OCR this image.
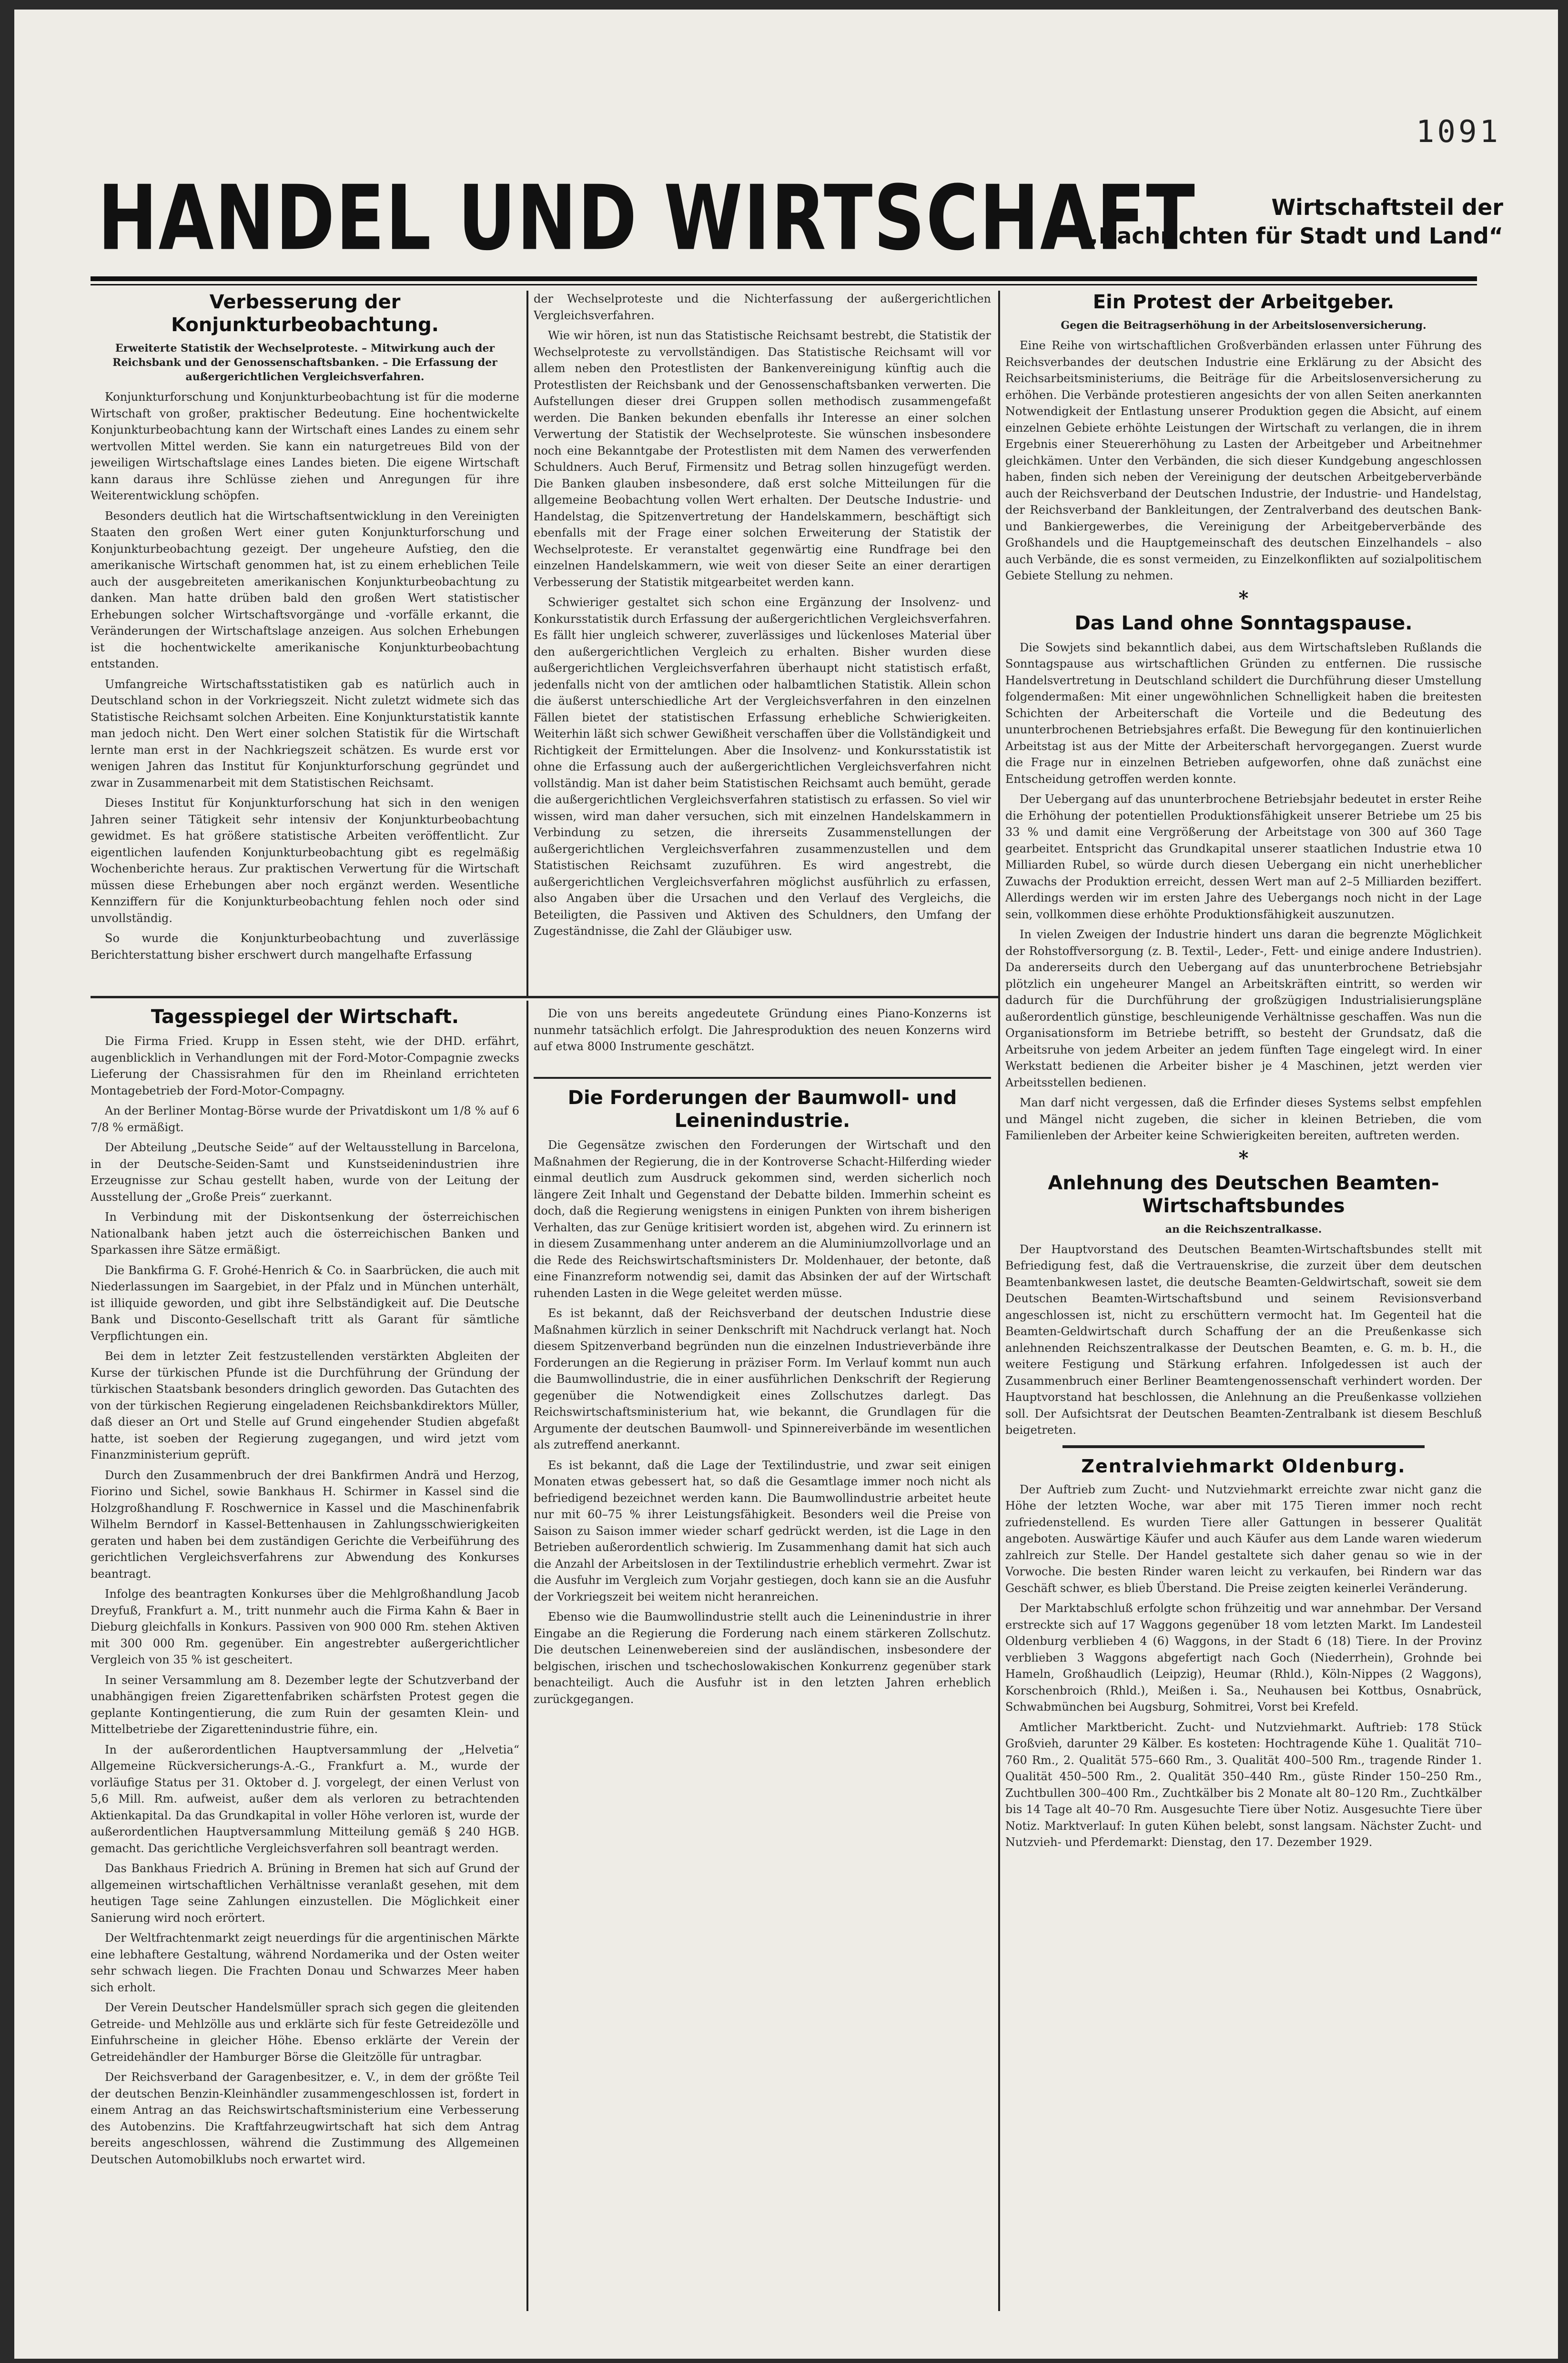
1091
HANDEL UND WIRTSCHAFT	Wirtschaftsteil der
„Nachrichten für Stadt und Land“
Verbesserung der Konjunkturbeobachtung.
Erweiterte Statistik der Wechselproteste. – Mitwirkung auch der Reichsbank und der Genossenschaftsbanken. – Die Erfassung der außergerichtlichen Vergleichsverfahren.

Konjunkturforschung und Konjunkturbeobachtung ist für die moderne Wirtschaft von großer, praktischer Bedeutung. Eine hochentwickelte Konjunkturbeobachtung kann der Wirtschaft eines Landes zu einem sehr wertvollen Mittel werden. Sie kann ein naturgetreues Bild von der jeweiligen Wirtschaftslage eines Landes bieten. Die eigene Wirtschaft kann daraus ihre Schlüsse ziehen und Anregungen für ihre Weiterentwicklung schöpfen.

Besonders deutlich hat die Wirtschaftsentwicklung in den Vereinigten Staaten den großen Wert einer guten Konjunkturforschung und Konjunkturbeobachtung gezeigt. Der ungeheure Aufstieg, den die amerikanische Wirtschaft genommen hat, ist zu einem erheblichen Teile auch der ausgebreiteten amerikanischen Konjunkturbeobachtung zu danken. Man hatte drüben bald den großen Wert statistischer Erhebungen solcher Wirtschaftsvorgänge und -vorfälle erkannt, die Veränderungen der Wirtschaftslage anzeigen. Aus solchen Erhebungen ist die hochentwickelte amerikanische Konjunkturbeobachtung entstanden.

Umfangreiche Wirtschaftsstatistiken gab es natürlich auch in Deutschland schon in der Vorkriegszeit. Nicht zuletzt widmete sich das Statistische Reichsamt solchen Arbeiten. Eine Konjunkturstatistik kannte man jedoch nicht. Den Wert einer solchen Statistik für die Wirtschaft lernte man erst in der Nachkriegszeit schätzen. Es wurde erst vor wenigen Jahren das Institut für Konjunkturforschung gegründet und zwar in Zusammenarbeit mit dem Statistischen Reichsamt.

Dieses Institut für Konjunkturforschung hat sich in den wenigen Jahren seiner Tätigkeit sehr intensiv der Konjunkturbeobachtung gewidmet. Es hat größere statistische Arbeiten veröffentlicht. Zur eigentlichen laufenden Konjunkturbeobachtung gibt es regelmäßig Wochenberichte heraus. Zur praktischen Verwertung für die Wirtschaft müssen diese Erhebungen aber noch ergänzt werden. Wesentliche Kennziffern für die Konjunkturbeobachtung fehlen noch oder sind unvollständig.

So wurde die Konjunkturbeobachtung und zuverlässige Berichterstattung bisher erschwert durch mangelhafte Erfassung

der Wechselproteste und die Nichterfassung der außergerichtlichen Vergleichsverfahren.

Wie wir hören, ist nun das Statistische Reichsamt bestrebt, die Statistik der Wechselproteste zu vervollständigen. Das Statistische Reichsamt will vor allem neben den Protestlisten der Bankenvereinigung künftig auch die Protestlisten der Reichsbank und der Genossenschaftsbanken verwerten. Die Aufstellungen dieser drei Gruppen sollen methodisch zusammengefaßt werden. Die Banken bekunden ebenfalls ihr Interesse an einer solchen Verwertung der Statistik der Wechselproteste. Sie wünschen insbesondere noch eine Bekanntgabe der Protestlisten mit dem Namen des verwerfenden Schuldners. Auch Beruf, Firmensitz und Betrag sollen hinzugefügt werden. Die Banken glauben insbesondere, daß erst solche Mitteilungen für die allgemeine Beobachtung vollen Wert erhalten. Der Deutsche Industrie- und Handelstag, die Spitzenvertretung der Handelskammern, beschäftigt sich ebenfalls mit der Frage einer solchen Erweiterung der Statistik der Wechselproteste. Er veranstaltet gegenwärtig eine Rundfrage bei den einzelnen Handelskammern, wie weit von dieser Seite an einer derartigen Verbesserung der Statistik mitgearbeitet werden kann.

Schwieriger gestaltet sich schon eine Ergänzung der Insolvenz- und Konkursstatistik durch Erfassung der außergerichtlichen Vergleichsverfahren. Es fällt hier ungleich schwerer, zuverlässiges und lückenloses Material über den außergerichtlichen Vergleich zu erhalten. Bisher wurden diese außergerichtlichen Vergleichsverfahren überhaupt nicht statistisch erfaßt, jedenfalls nicht von der amtlichen oder halbamtlichen Statistik. Allein schon die äußerst unterschiedliche Art der Vergleichsverfahren in den einzelnen Fällen bietet der statistischen Erfassung erhebliche Schwierigkeiten. Weiterhin läßt sich schwer Gewißheit verschaffen über die Vollständigkeit und Richtigkeit der Ermittelungen. Aber die Insolvenz- und Konkursstatistik ist ohne die Erfassung auch der außergerichtlichen Vergleichsverfahren nicht vollständig. Man ist daher beim Statistischen Reichsamt auch bemüht, gerade die außergerichtlichen Vergleichsverfahren statistisch zu erfassen. So viel wir wissen, wird man daher versuchen, sich mit einzelnen Handelskammern in Verbindung zu setzen, die ihrerseits Zusammenstellungen der außergerichtlichen Vergleichsverfahren zusammenzustellen und dem Statistischen Reichsamt zuzuführen. Es wird angestrebt, die außergerichtlichen Vergleichsverfahren möglichst ausführlich zu erfassen, also Angaben über die Ursachen und den Verlauf des Vergleichs, die Beteiligten, die Passiven und Aktiven des Schuldners, den Umfang der Zugeständnisse, die Zahl der Gläubiger usw.

Tagesspiegel der Wirtschaft.

Die Firma Fried. Krupp in Essen steht, wie der DHD. erfährt, augenblicklich in Verhandlungen mit der Ford-Motor-Compagnie zwecks Lieferung der Chassisrahmen für den im Rheinland errichteten Montagebetrieb der Ford-Motor-Compagny.

An der Berliner Montag-Börse wurde der Privatdiskont um 1/8 % auf 6 7/8 % ermäßigt.

Der Abteilung „Deutsche Seide“ auf der Weltausstellung in Barcelona, in der Deutsche-Seiden-Samt und Kunstseidenindustrien ihre Erzeugnisse zur Schau gestellt haben, wurde von der Leitung der Ausstellung der „Große Preis“ zuerkannt.

In Verbindung mit der Diskontsenkung der österreichischen Nationalbank haben jetzt auch die österreichischen Banken und Sparkassen ihre Sätze ermäßigt.

Die Bankfirma G. F. Grohé-Henrich & Co. in Saarbrücken, die auch mit Niederlassungen im Saargebiet, in der Pfalz und in München unterhält, ist illiquide geworden, und gibt ihre Selbständigkeit auf. Die Deutsche Bank und Disconto-Gesellschaft tritt als Garant für sämtliche Verpflichtungen ein.

Bei dem in letzter Zeit festzustellenden verstärkten Abgleiten der Kurse der türkischen Pfunde ist die Durchführung der Gründung der türkischen Staatsbank besonders dringlich geworden. Das Gutachten des von der türkischen Regierung eingeladenen Reichsbankdirektors Müller, daß dieser an Ort und Stelle auf Grund eingehender Studien abgefaßt hatte, ist soeben der Regierung zugegangen, und wird jetzt vom Finanzministerium geprüft.

Durch den Zusammenbruch der drei Bankfirmen Andrä und Herzog, Fiorino und Sichel, sowie Bankhaus H. Schirmer in Kassel sind die Holzgroßhandlung F. Roschwernice in Kassel und die Maschinenfabrik Wilhelm Berndorf in Kassel-Bettenhausen in Zahlungsschwierigkeiten geraten und haben bei dem zuständigen Gerichte die Verbeiführung des gerichtlichen Vergleichsverfahrens zur Abwendung des Konkurses beantragt.

Infolge des beantragten Konkurses über die Mehlgroßhandlung Jacob Dreyfuß, Frankfurt a. M., tritt nunmehr auch die Firma Kahn & Baer in Dieburg gleichfalls in Konkurs. Passiven von 900 000 Rm. stehen Aktiven mit 300 000 Rm. gegenüber. Ein angestrebter außergerichtlicher Vergleich von 35 % ist gescheitert.

In seiner Versammlung am 8. Dezember legte der Schutzverband der unabhängigen freien Zigarettenfabriken schärfsten Protest gegen die geplante Kontingentierung, die zum Ruin der gesamten Klein- und Mittelbetriebe der Zigarettenindustrie führe, ein.

In der außerordentlichen Hauptversammlung der „Helvetia“ Allgemeine Rückversicherungs-A.-G., Frankfurt a. M., wurde der vorläufige Status per 31. Oktober d. J. vorgelegt, der einen Verlust von 5,6 Mill. Rm. aufweist, außer dem als verloren zu betrachtenden Aktienkapital. Da das Grundkapital in voller Höhe verloren ist, wurde der außerordentlichen Hauptversammlung Mitteilung gemäß § 240 HGB. gemacht. Das gerichtliche Vergleichsverfahren soll beantragt werden.

Das Bankhaus Friedrich A. Brüning in Bremen hat sich auf Grund der allgemeinen wirtschaftlichen Verhältnisse veranlaßt gesehen, mit dem heutigen Tage seine Zahlungen einzustellen. Die Möglichkeit einer Sanierung wird noch erörtert.

Der Weltfrachtenmarkt zeigt neuerdings für die argentinischen Märkte eine lebhaftere Gestaltung, während Nordamerika und der Osten weiter sehr schwach liegen. Die Frachten Donau und Schwarzes Meer haben sich erholt.

Der Verein Deutscher Handelsmüller sprach sich gegen die gleitenden Getreide- und Mehlzölle aus und erklärte sich für feste Getreidezölle und Einfuhrscheine in gleicher Höhe. Ebenso erklärte der Verein der Getreidehändler der Hamburger Börse die Gleitzölle für untragbar.

Der Reichsverband der Garagenbesitzer, e. V., in dem der größte Teil der deutschen Benzin-Kleinhändler zusammengeschlossen ist, fordert in einem Antrag an das Reichswirtschaftsministerium eine Verbesserung des Autobenzins. Die Kraftfahrzeugwirtschaft hat sich dem Antrag bereits angeschlossen, während die Zustimmung des Allgemeinen Deutschen Automobilklubs noch erwartet wird.

Die von uns bereits angedeutete Gründung eines Piano-Konzerns ist nunmehr tatsächlich erfolgt. Die Jahresproduktion des neuen Konzerns wird auf etwa 8000 Instrumente geschätzt.

Die Forderungen der Baumwoll- und Leinenindustrie.

Die Gegensätze zwischen den Forderungen der Wirtschaft und den Maßnahmen der Regierung, die in der Kontroverse Schacht-Hilferding wieder einmal deutlich zum Ausdruck gekommen sind, werden sicherlich noch längere Zeit Inhalt und Gegenstand der Debatte bilden. Immerhin scheint es doch, daß die Regierung wenigstens in einigen Punkten von ihrem bisherigen Verhalten, das zur Genüge kritisiert worden ist, abgehen wird. Zu erinnern ist in diesem Zusammenhang unter anderem an die Aluminiumzollvorlage und an die Rede des Reichswirtschaftsministers Dr. Moldenhauer, der betonte, daß eine Finanzreform notwendig sei, damit das Absinken der auf der Wirtschaft ruhenden Lasten in die Wege geleitet werden müsse.

Es ist bekannt, daß der Reichsverband der deutschen Industrie diese Maßnahmen kürzlich in seiner Denkschrift mit Nachdruck verlangt hat. Noch diesem Spitzenverband begründen nun die einzelnen Industrieverbände ihre Forderungen an die Regierung in präziser Form. Im Verlauf kommt nun auch die Baumwollindustrie, die in einer ausführlichen Denkschrift der Regierung gegenüber die Notwendigkeit eines Zollschutzes darlegt. Das Reichswirtschaftsministerium hat, wie bekannt, die Grundlagen für die Argumente der deutschen Baumwoll- und Spinnereiverbände im wesentlichen als zutreffend anerkannt.

Es ist bekannt, daß die Lage der Textilindustrie, und zwar seit einigen Monaten etwas gebessert hat, so daß die Gesamtlage immer noch nicht als befriedigend bezeichnet werden kann. Die Baumwollindustrie arbeitet heute nur mit 60–75 % ihrer Leistungsfähigkeit. Besonders weil die Preise von Saison zu Saison immer wieder scharf gedrückt werden, ist die Lage in den Betrieben außerordentlich schwierig. Im Zusammenhang damit hat sich auch die Anzahl der Arbeitslosen in der Textilindustrie erheblich vermehrt. Zwar ist die Ausfuhr im Vergleich zum Vorjahr gestiegen, doch kann sie an die Ausfuhr der Vorkriegszeit bei weitem nicht heranreichen.

Ebenso wie die Baumwollindustrie stellt auch die Leinenindustrie in ihrer Eingabe an die Regierung die Forderung nach einem stärkeren Zollschutz. Die deutschen Leinenwebereien sind der ausländischen, insbesondere der belgischen, irischen und tschechoslowakischen Konkurrenz gegenüber stark benachteiligt. Auch die Ausfuhr ist in den letzten Jahren erheblich zurückgegangen.

Ein Protest der Arbeitgeber.
Gegen die Beitragserhöhung in der Arbeitslosenversicherung.

Eine Reihe von wirtschaftlichen Großverbänden erlassen unter Führung des Reichsverbandes der deutschen Industrie eine Erklärung zu der Absicht des Reichsarbeitsministeriums, die Beiträge für die Arbeitslosenversicherung zu erhöhen. Die Verbände protestieren angesichts der von allen Seiten anerkannten Notwendigkeit der Entlastung unserer Produktion gegen die Absicht, auf einem einzelnen Gebiete erhöhte Leistungen der Wirtschaft zu verlangen, die in ihrem Ergebnis einer Steuererhöhung zu Lasten der Arbeitgeber und Arbeitnehmer gleichkämen. Unter den Verbänden, die sich dieser Kundgebung angeschlossen haben, finden sich neben der Vereinigung der deutschen Arbeitgeberverbände auch der Reichsverband der Deutschen Industrie, der Industrie- und Handelstag, der Reichsverband der Bankleitungen, der Zentralverband des deutschen Bank- und Bankiergewerbes, die Vereinigung der Arbeitgeberverbände des Großhandels und die Hauptgemeinschaft des deutschen Einzelhandels – also auch Verbände, die es sonst vermeiden, zu Einzelkonflikten auf sozialpolitischem Gebiete Stellung zu nehmen.

*
Das Land ohne Sonntagspause.

Die Sowjets sind bekanntlich dabei, aus dem Wirtschaftsleben Rußlands die Sonntagspause aus wirtschaftlichen Gründen zu entfernen. Die russische Handelsvertretung in Deutschland schildert die Durchführung dieser Umstellung folgendermaßen: Mit einer ungewöhnlichen Schnelligkeit haben die breitesten Schichten der Arbeiterschaft die Vorteile und die Bedeutung des ununterbrochenen Betriebsjahres erfaßt. Die Bewegung für den kontinuierlichen Arbeitstag ist aus der Mitte der Arbeiterschaft hervorgegangen. Zuerst wurde die Frage nur in einzelnen Betrieben aufgeworfen, ohne daß zunächst eine Entscheidung getroffen werden konnte.

Der Uebergang auf das ununterbrochene Betriebsjahr bedeutet in erster Reihe die Erhöhung der potentiellen Produktionsfähigkeit unserer Betriebe um 25 bis 33 % und damit eine Vergrößerung der Arbeitstage von 300 auf 360 Tage gearbeitet. Entspricht das Grundkapital unserer staatlichen Industrie etwa 10 Milliarden Rubel, so würde durch diesen Uebergang ein nicht unerheblicher Zuwachs der Produktion erreicht, dessen Wert man auf 2–5 Milliarden beziffert. Allerdings werden wir im ersten Jahre des Uebergangs noch nicht in der Lage sein, vollkommen diese erhöhte Produktionsfähigkeit auszunutzen.

In vielen Zweigen der Industrie hindert uns daran die begrenzte Möglichkeit der Rohstoffversorgung (z. B. Textil-, Leder-, Fett- und einige andere Industrien). Da andererseits durch den Uebergang auf das ununterbrochene Betriebsjahr plötzlich ein ungeheurer Mangel an Arbeitskräften eintritt, so werden wir dadurch für die Durchführung der großzügigen Industrialisierungspläne außerordentlich günstige, beschleunigende Verhältnisse geschaffen. Was nun die Organisationsform im Betriebe betrifft, so besteht der Grundsatz, daß die Arbeitsruhe von jedem Arbeiter an jedem fünften Tage eingelegt wird. In einer Werkstatt bedienen die Arbeiter bisher je 4 Maschinen, jetzt werden vier Arbeitsstellen bedienen.

Man darf nicht vergessen, daß die Erfinder dieses Systems selbst empfehlen und Mängel nicht zugeben, die sicher in kleinen Betrieben, die vom Familienleben der Arbeiter keine Schwierigkeiten bereiten, auftreten werden.

*
Anlehnung des Deutschen Beamten-Wirtschaftsbundes
an die Reichszentralkasse.

Der Hauptvorstand des Deutschen Beamten-Wirtschaftsbundes stellt mit Befriedigung fest, daß die Vertrauenskrise, die zurzeit über dem deutschen Beamtenbankwesen lastet, die deutsche Beamten-Geldwirtschaft, soweit sie dem Deutschen Beamten-Wirtschaftsbund und seinem Revisionsverband angeschlossen ist, nicht zu erschüttern vermocht hat. Im Gegenteil hat die Beamten-Geldwirtschaft durch Schaffung der an die Preußenkasse sich anlehnenden Reichszentralkasse der Deutschen Beamten, e. G. m. b. H., die weitere Festigung und Stärkung erfahren. Infolgedessen ist auch der Zusammenbruch einer Berliner Beamtengenossenschaft verhindert worden. Der Hauptvorstand hat beschlossen, die Anlehnung an die Preußenkasse vollziehen soll. Der Aufsichtsrat der Deutschen Beamten-Zentralbank ist diesem Beschluß beigetreten.

Zentralviehmarkt Oldenburg.

Der Auftrieb zum Zucht- und Nutzviehmarkt erreichte zwar nicht ganz die Höhe der letzten Woche, war aber mit 175 Tieren immer noch recht zufriedenstellend. Es wurden Tiere aller Gattungen in besserer Qualität angeboten. Auswärtige Käufer und auch Käufer aus dem Lande waren wiederum zahlreich zur Stelle. Der Handel gestaltete sich daher genau so wie in der Vorwoche. Die besten Rinder waren leicht zu verkaufen, bei Rindern war das Geschäft schwer, es blieb Überstand. Die Preise zeigten keinerlei Veränderung.

Der Marktabschluß erfolgte schon frühzeitig und war annehmbar. Der Versand erstreckte sich auf 17 Waggons gegenüber 18 vom letzten Markt. Im Landesteil Oldenburg verblieben 4 (6) Waggons, in der Stadt 6 (18) Tiere. In der Provinz verblieben 3 Waggons abgefertigt nach Goch (Niederrhein), Grohnde bei Hameln, Großhaudlich (Leipzig), Heumar (Rhld.), Köln-Nippes (2 Waggons), Korschenbroich (Rhld.), Meißen i. Sa., Neuhausen bei Kottbus, Osnabrück, Schwabmünchen bei Augsburg, Sohmitrei, Vorst bei Krefeld.

Amtlicher Marktbericht. Zucht- und Nutzviehmarkt. Auftrieb: 178 Stück Großvieh, darunter 29 Kälber. Es kosteten: Hochtragende Kühe 1. Qualität 710–760 Rm., 2. Qualität 575–660 Rm., 3. Qualität 400–500 Rm., tragende Rinder 1. Qualität 450–500 Rm., 2. Qualität 350–440 Rm., güste Rinder 150–250 Rm., Zuchtbullen 300–400 Rm., Zuchtkälber bis 2 Monate alt 80–120 Rm., Zuchtkälber bis 14 Tage alt 40–70 Rm. Ausgesuchte Tiere über Notiz. Ausgesuchte Tiere über Notiz. Marktverlauf: In guten Kühen belebt, sonst langsam. Nächster Zucht- und Nutzvieh- und Pferdemarkt: Dienstag, den 17. Dezember 1929.
